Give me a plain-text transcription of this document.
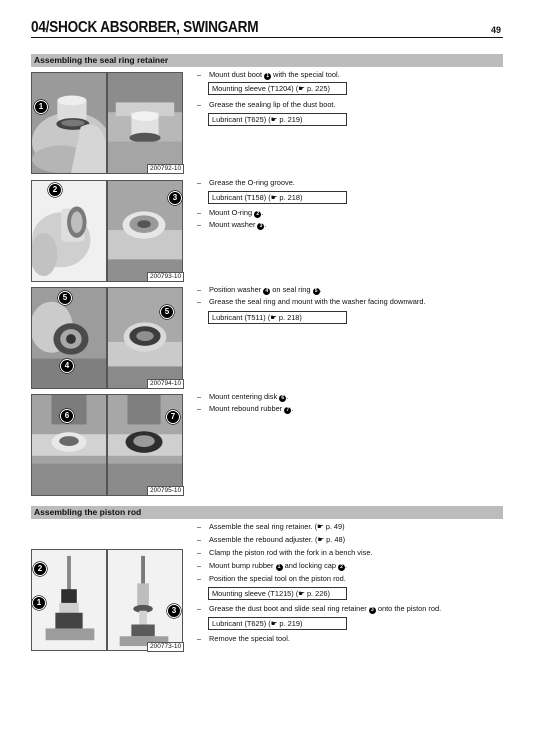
04/SHOCK ABSORBER, SWINGARM	49
Assembling the seal ring retainer
200792-10
1
– Mount dust boot 1 with the special tool.
Mounting sleeve (T1204) (☛ p. 225)
– Grease the sealing lip of the dust boot.
Lubricant (T625) (☛ p. 219)
200793-10
2
3
– Grease the O-ring groove.
Lubricant (T158) (☛ p. 218)
– Mount O-ring 2 .
– Mount washer 3 .
200794-10
5
4
5
– Position washer 4 on seal ring 5 .
– Grease the seal ring and mount with the washer facing downward.
Lubricant (T511) (☛ p. 218)
200795-10
6	7
– Mount centering disk 6 .
– Mount rebound rubber 7 .
Assembling the piston rod
200773-10
2
1
3
– Assemble the seal ring retainer. (☛ p. 49)
– Assemble the rebound adjuster. (☛ p. 48)
– Clamp the piston rod with the fork in a bench vise.
– Mount bump rubber 1 and locking cap 2 .
– Position the special tool on the piston rod.
Mounting sleeve (T1215) (☛ p. 226)
– Grease the dust boot and slide seal ring retainer 3 onto the piston rod.
Lubricant (T625) (☛ p. 219)
– Remove the special tool.
